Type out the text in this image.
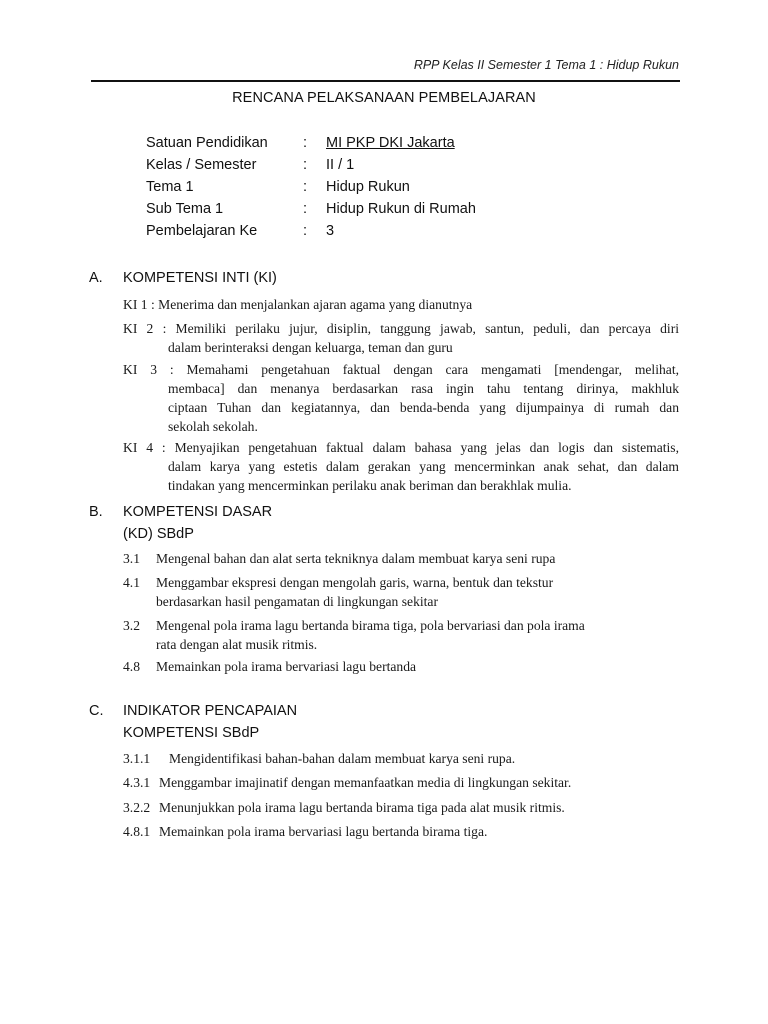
RPP Kelas II Semester 1 Tema 1 : Hidup Rukun
RENCANA PELAKSANAAN PEMBELAJARAN
Satuan Pendidikan : MI PKP DKI Jakarta
Kelas / Semester	: II / 1
Tema 1	: Hidup Rukun
Sub Tema 1	: Hidup Rukun di Rumah
Pembelajaran Ke	: 3
A. KOMPETENSI INTI (KI)
KI 1 : Menerima dan menjalankan ajaran agama yang dianutnya
KI 2 : Memiliki perilaku jujur, disiplin, tanggung jawab, santun, peduli, dan percaya diri
dalam berinteraksi dengan keluarga, teman dan guru
KI 3 : Memahami pengetahuan faktual dengan cara mengamati [mendengar, melihat,
membaca] dan menanya berdasarkan rasa ingin tahu tentang dirinya, makhluk
ciptaan Tuhan dan kegiatannya, dan benda-benda yang dijumpainya di rumah dan
sekolah sekolah.
KI 4 : Menyajikan pengetahuan faktual dalam bahasa yang jelas dan logis dan sistematis,
dalam karya yang estetis dalam gerakan yang mencerminkan anak sehat, dan dalam
tindakan yang mencerminkan perilaku anak beriman dan berakhlak mulia.
B. KOMPETENSI DASAR
(KD) SBdP
3.1 Mengenal bahan dan alat serta tekniknya dalam membuat karya seni rupa
4.1 Menggambar ekspresi dengan mengolah garis, warna, bentuk dan tekstur
berdasarkan hasil pengamatan di lingkungan sekitar
3.2 Mengenal pola irama lagu bertanda birama tiga, pola bervariasi dan pola irama
rata dengan alat musik ritmis.
4.8 Memainkan pola irama bervariasi lagu bertanda
C. INDIKATOR PENCAPAIAN
KOMPETENSI SBdP
3.1.1 Mengidentifikasi bahan-bahan dalam membuat karya seni rupa.
4.3.1 Menggambar imajinatif dengan memanfaatkan media di lingkungan sekitar.
3.2.2 Menunjukkan pola irama lagu bertanda birama tiga pada alat musik ritmis.
4.8.1 Memainkan pola irama bervariasi lagu bertanda birama tiga.
